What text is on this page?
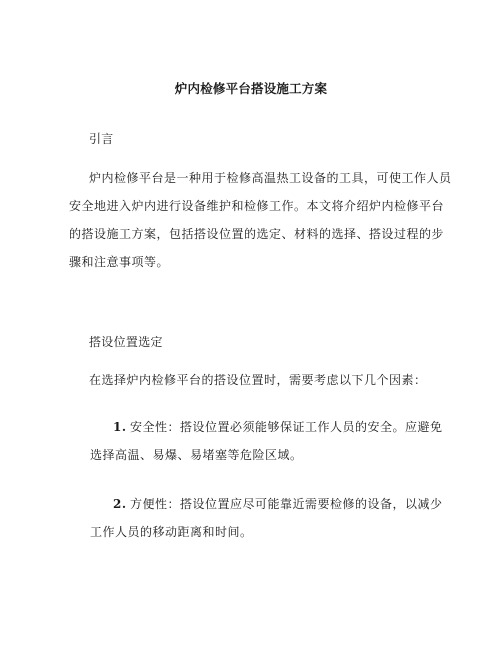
炉内检修平台搭设施工方案
引言
炉内检修平台是一种用于检修高温热工设备的工具，可使工作人员
安全地进入炉内进行设备维护和检修工作。本文将介绍炉内检修平台
的搭设施工方案，包括搭设位置的选定、材料的选择、搭设过程的步
骤和注意事项等。
搭设位置选定
在选择炉内检修平台的搭设位置时，需要考虑以下几个因素：
1. 安全性：搭设位置必须能够保证工作人员的安全。应避免
选择高温、易爆、易堵塞等危险区域。
2. 方便性：搭设位置应尽可能靠近需要检修的设备，以减少
工作人员的移动距离和时间。
